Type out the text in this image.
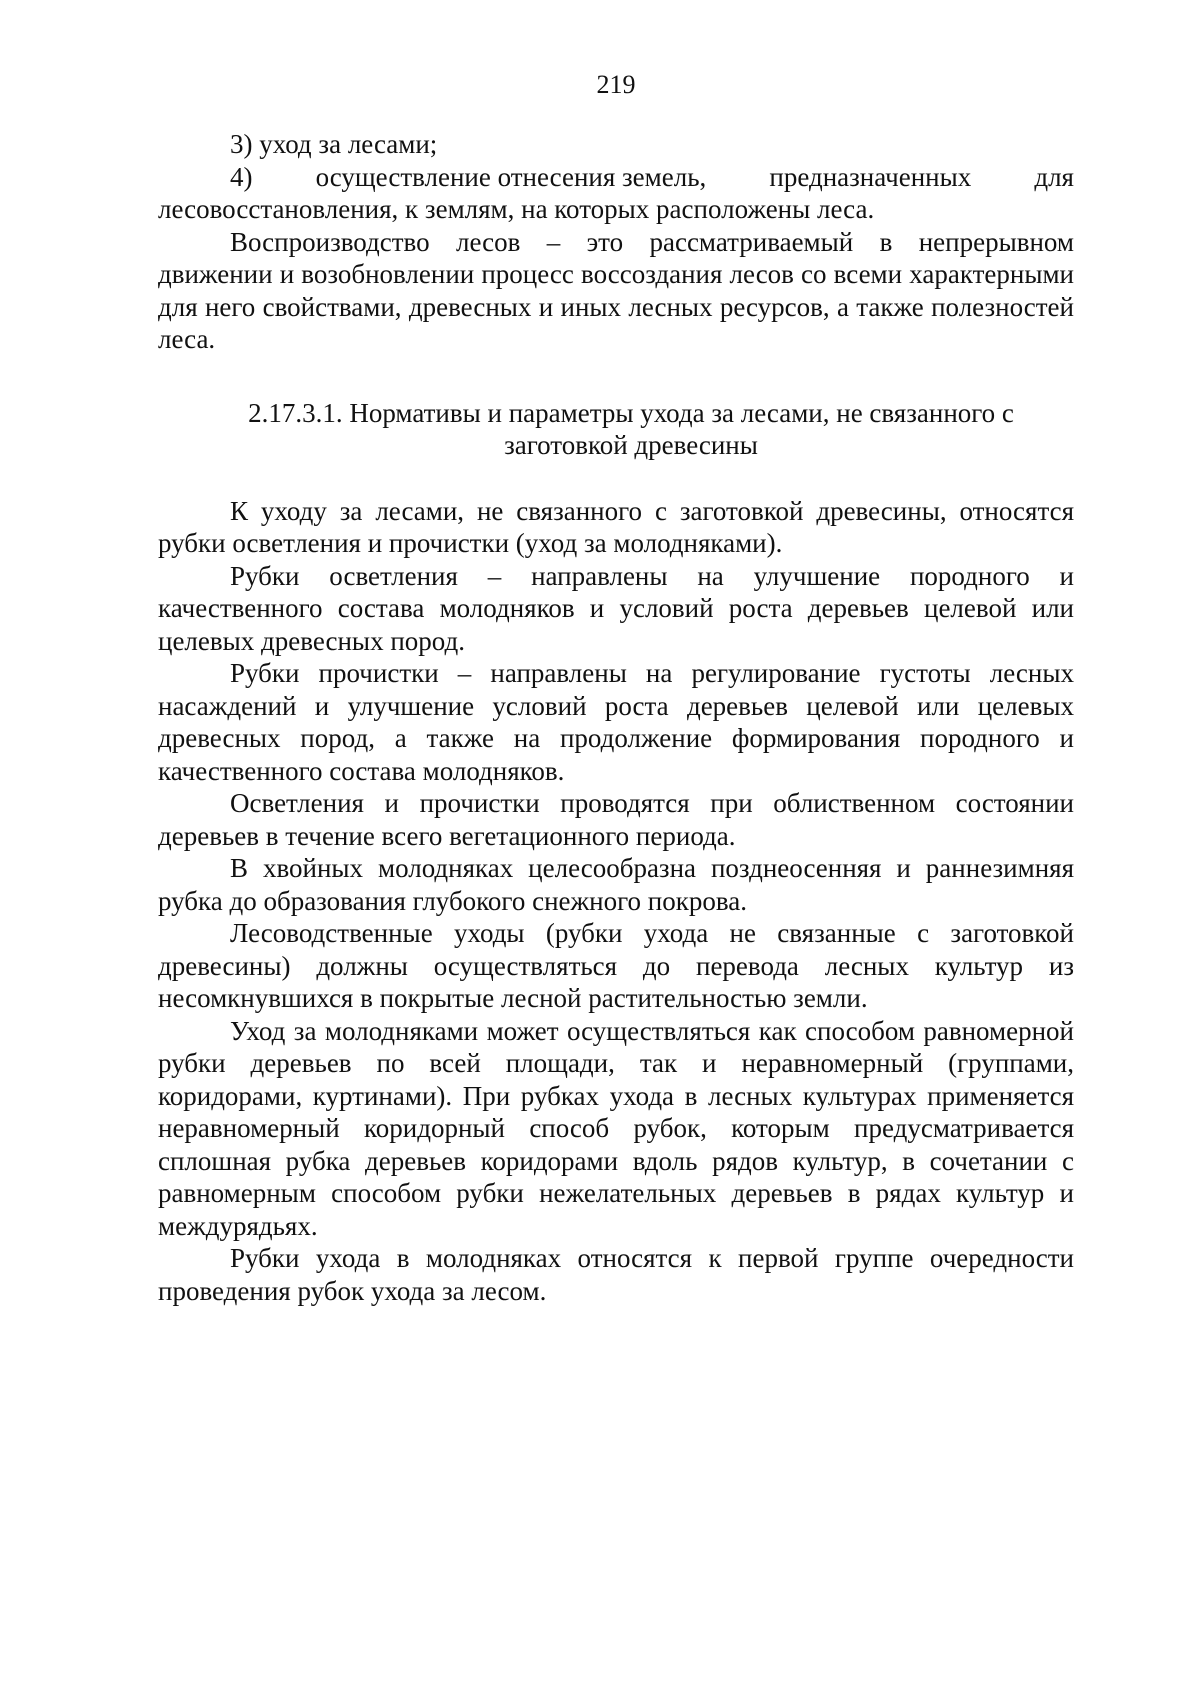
219

3) уход за лесами;

4) осуществление отнесения земель, предназначенных для
лесовосстановления, к землям, на которых расположены леса.

Воспроизводство лесов – это рассматриваемый в непрерывном движении и возобновлении процесс воссоздания лесов со всеми характерными для него свойствами, древесных и иных лесных ресурсов, а также полезностей леса.

2.17.3.1. Нормативы и параметры ухода за лесами, не связанного с
заготовкой древесины

К уходу за лесами, не связанного с заготовкой древесины, относятся рубки осветления и прочистки (уход за молодняками).

Рубки осветления – направлены на улучшение породного и качественного состава молодняков и условий роста деревьев целевой или целевых древесных пород.

Рубки прочистки – направлены на регулирование густоты лесных насаждений и улучшение условий роста деревьев целевой или целевых древесных пород, а также на продолжение формирования породного и качественного состава молодняков.

Осветления и прочистки проводятся при облиственном состоянии деревьев в течение всего вегетационного периода.

В хвойных молодняках целесообразна позднеосенняя и раннезимняя рубка до образования глубокого снежного покрова.

Лесоводственные уходы (рубки ухода не связанные с заготовкой древесины) должны осуществляться до перевода лесных культур из несомкнувшихся в покрытые лесной растительностью земли.

Уход за молодняками может осуществляться как способом равномерной рубки деревьев по всей площади, так и неравномерный (группами, коридорами, куртинами). При рубках ухода в лесных культурах применяется неравномерный коридорный способ рубок, которым предусматривается сплошная рубка деревьев коридорами вдоль рядов культур, в сочетании с равномерным способом рубки нежелательных деревьев в рядах культур и междурядьях.

Рубки ухода в молодняках относятся к первой группе очередности проведения рубок ухода за лесом.
